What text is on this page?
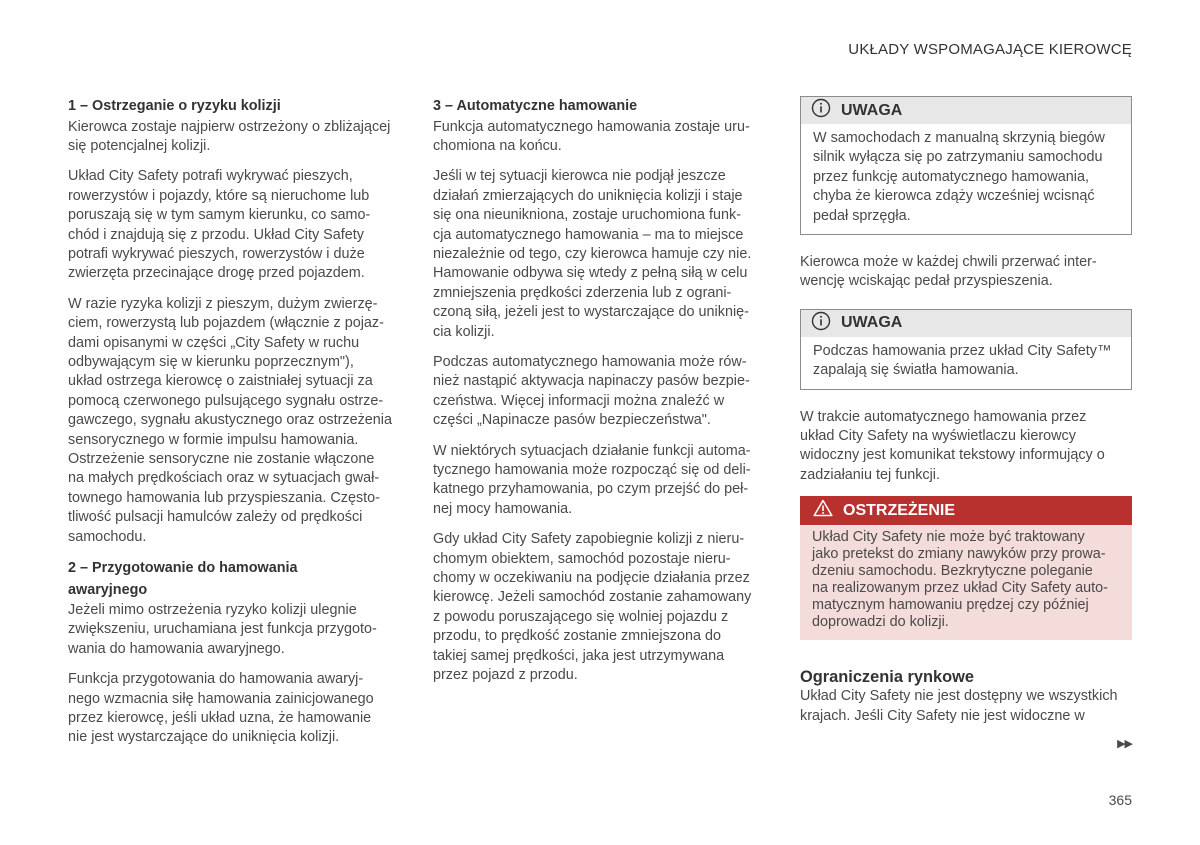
UKŁADY WSPOMAGAJĄCE KIEROWCĘ
1 – Ostrzeganie o ryzyku kolizji

Kierowca zostaje najpierw ostrzeżony o zbliżającej
się potencjalnej kolizji.

Układ City Safety potrafi wykrywać pieszych,
rowerzystów i pojazdy, które są nieruchome lub
poruszają się w tym samym kierunku, co samo-
chód i znajdują się z przodu. Układ City Safety
potrafi wykrywać pieszych, rowerzystów i duże
zwierzęta przecinające drogę przed pojazdem.

W razie ryzyka kolizji z pieszym, dużym zwierzę-
ciem, rowerzystą lub pojazdem (włącznie z pojaz-
dami opisanymi w części „City Safety w ruchu
odbywającym się w kierunku poprzecznym"),
układ ostrzega kierowcę o zaistniałej sytuacji za
pomocą czerwonego pulsującego sygnału ostrze-
gawczego, sygnału akustycznego oraz ostrzeżenia
sensorycznego w formie impulsu hamowania.
Ostrzeżenie sensoryczne nie zostanie włączone
na małych prędkościach oraz w sytuacjach gwał-
townego hamowania lub przyspieszania. Często-
tliwość pulsacji hamulców zależy od prędkości
samochodu.

2 – Przygotowanie do hamowania
awaryjnego

Jeżeli mimo ostrzeżenia ryzyko kolizji ulegnie
zwiększeniu, uruchamiana jest funkcja przygoto-
wania do hamowania awaryjnego.

Funkcja przygotowania do hamowania awaryj-
nego wzmacnia siłę hamowania zainicjowanego
przez kierowcę, jeśli układ uzna, że hamowanie
nie jest wystarczające do uniknięcia kolizji.

3 – Automatyczne hamowanie

Funkcja automatycznego hamowania zostaje uru-
chomiona na końcu.

Jeśli w tej sytuacji kierowca nie podjął jeszcze
działań zmierzających do uniknięcia kolizji i staje
się ona nieunikniona, zostaje uruchomiona funk-
cja automatycznego hamowania – ma to miejsce
niezależnie od tego, czy kierowca hamuje czy nie.
Hamowanie odbywa się wtedy z pełną siłą w celu
zmniejszenia prędkości zderzenia lub z ograni-
czoną siłą, jeżeli jest to wystarczające do uniknię-
cia kolizji.

Podczas automatycznego hamowania może rów-
nież nastąpić aktywacja napinaczy pasów bezpie-
czeństwa. Więcej informacji można znaleźć w
części „Napinacze pasów bezpieczeństwa".

W niektórych sytuacjach działanie funkcji automa-
tycznego hamowania może rozpocząć się od deli-
katnego przyhamowania, po czym przejść do peł-
nej mocy hamowania.

Gdy układ City Safety zapobiegnie kolizji z nieru-
chomym obiektem, samochód pozostaje nieru-
chomy w oczekiwaniu na podjęcie działania przez
kierowcę. Jeżeli samochód zostanie zahamowany
z powodu poruszającego się wolniej pojazdu z
przodu, to prędkość zostanie zmniejszona do
takiej samej prędkości, jaka jest utrzymywana
przez pojazd z przodu.

UWAGA

W samochodach z manualną skrzynią biegów
silnik wyłącza się po zatrzymaniu samochodu
przez funkcję automatycznego hamowania,
chyba że kierowca zdąży wcześniej wcisnąć
pedał sprzęgła.

Kierowca może w każdej chwili przerwać inter-
wencję wciskając pedał przyspieszenia.

UWAGA

Podczas hamowania przez układ City Safety™
zapalają się światła hamowania.

W trakcie automatycznego hamowania przez
układ City Safety na wyświetlaczu kierowcy
widoczny jest komunikat tekstowy informujący o
zadziałaniu tej funkcji.

OSTRZEŻENIE

Układ City Safety nie może być traktowany
jako pretekst do zmiany nawyków przy prowa-
dzeniu samochodu. Bezkrytyczne poleganie
na realizowanym przez układ City Safety auto-
matycznym hamowaniu prędzej czy później
doprowadzi do kolizji.

Ograniczenia rynkowe

Układ City Safety nie jest dostępny we wszystkich
krajach. Jeśli City Safety nie jest widoczne w

▶▶
365
